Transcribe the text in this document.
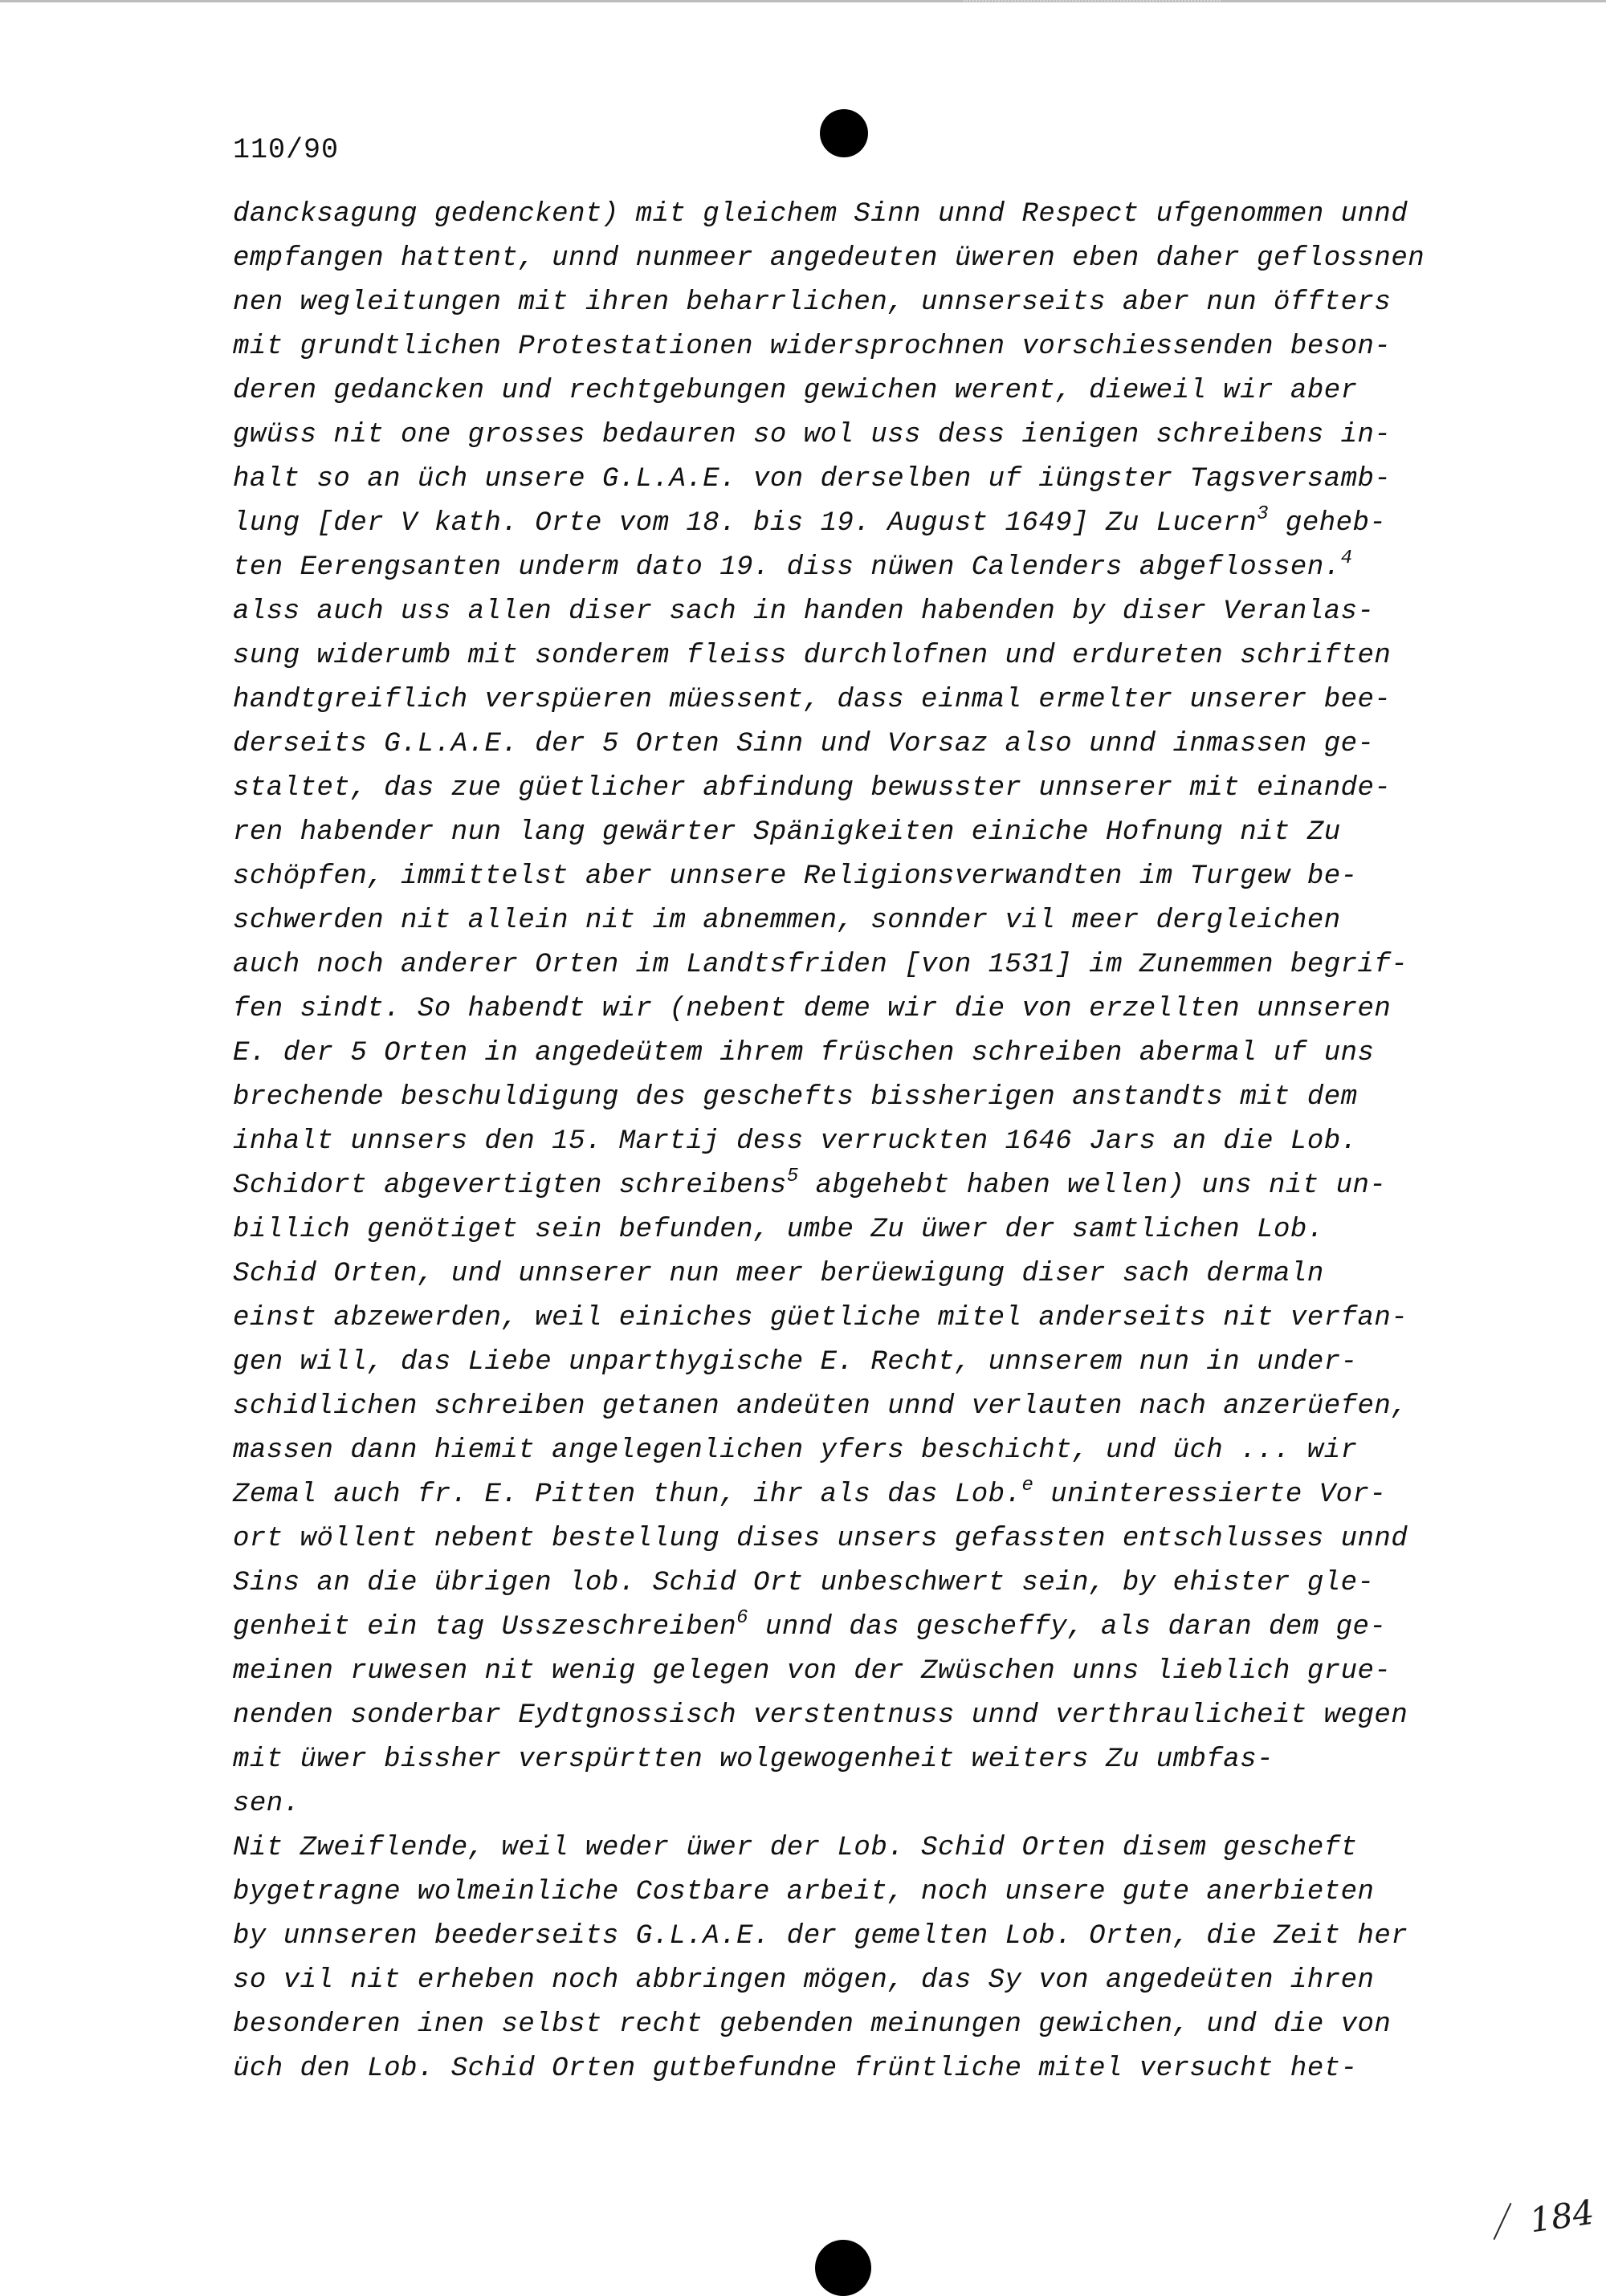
110/90
dancksagung gedenckent) mit gleichem Sinn unnd Respect ufgenommen unnd
empfangen hattent, unnd nunmeer angedeuten üweren eben daher geflossnen
nen wegleitungen mit ihren beharrlichen, unnserseits aber nun öffters
mit grundtlichen Protestationen widersprochnen vorschiessenden beson-
deren gedancken und rechtgebungen gewichen werent, dieweil wir aber
gwüss nit one grosses bedauren so wol uss dess ienigen schreibens in-
halt so an üch unsere G.L.A.E. von derselben uf iüngster Tagsversamb-
lung [der V kath. Orte vom 18. bis 19. August 1649] Zu Lucern$^3$ geheb-
ten Eerengsanten underm dato 19. diss nüwen Calenders abgeflossen.$^4$
alss auch uss allen diser sach in handen habenden by diser Veranlas-
sung widerumb mit sonderem fleiss durchlofnen und erdureten schriften
handtgreiflich verspüeren müessent, dass einmal ermelter unserer bee-
derseits G.L.A.E. der 5 Orten Sinn und Vorsaz also unnd inmassen ge-
staltet, das zue güetlicher abfindung bewusster unnserer mit einande-
ren habender nun lang gewärter Spänigkeiten einiche Hofnung nit Zu
schöpfen, immittelst aber unnsere Religionsverwandten im Turgew be-
schwerden nit allein nit im abnemmen, sonnder vil meer dergleichen
auch noch anderer Orten im Landtsfriden [von 1531] im Zunemmen begrif-
fen sindt. So habendt wir (nebent deme wir die von erzellten unnseren
E. der 5 Orten in angedeütem ihrem früschen schreiben abermal uf uns
brechende beschuldigung des geschefts bissherigen anstandts mit dem
inhalt unnsers den 15. Martij dess verruckten 1646 Jars an die Lob.
Schidort abgevertigten schreibens$^5$ abgehebt haben wellen) uns nit un-
billich genötiget sein befunden, umbe Zu üwer der samtlichen Lob.
Schid Orten, und unnserer nun meer berüewigung diser sach dermaln
einst abzewerden, weil einiches güetliche mitel anderseits nit verfan-
gen will, das Liebe unparthygische E. Recht, unnserem nun in under-
schidlichen schreiben getanen andeüten unnd verlauten nach anzerüefen,
massen dann hiemit angelegenlichen yfers beschicht, und üch ... wir
Zemal auch fr. E. Pitten thun, ihr als das Lob.$^e$ uninteressierte Vor-
ort wöllent nebent bestellung dises unsers gefassten entschlusses unnd
Sins an die übrigen lob. Schid Ort unbeschwert sein, by ehister gle-
genheit ein tag Usszeschreiben$^6$ unnd das gescheffy, als daran dem ge-
meinen ruwesen nit wenig gelegen von der Zwüschen unns lieblich grue-
nenden sonderbar Eydtgnossisch verstentnuss unnd verthraulicheit wegen
mit üwer bissher verspürtten wolgewogenheit weiters Zu umbfas-
sen.
Nit Zweiflende, weil weder üwer der Lob. Schid Orten disem gescheft
bygetragne wolmeinliche Costbare arbeit, noch unsere gute anerbieten
by unnseren beederseits G.L.A.E. der gemelten Lob. Orten, die Zeit her
so vil nit erheben noch abbringen mögen, das Sy von angedeüten ihren
besonderen inen selbst recht gebenden meinungen gewichen, und die von
üch den Lob. Schid Orten gutbefundne früntliche mitel versucht het-
184
